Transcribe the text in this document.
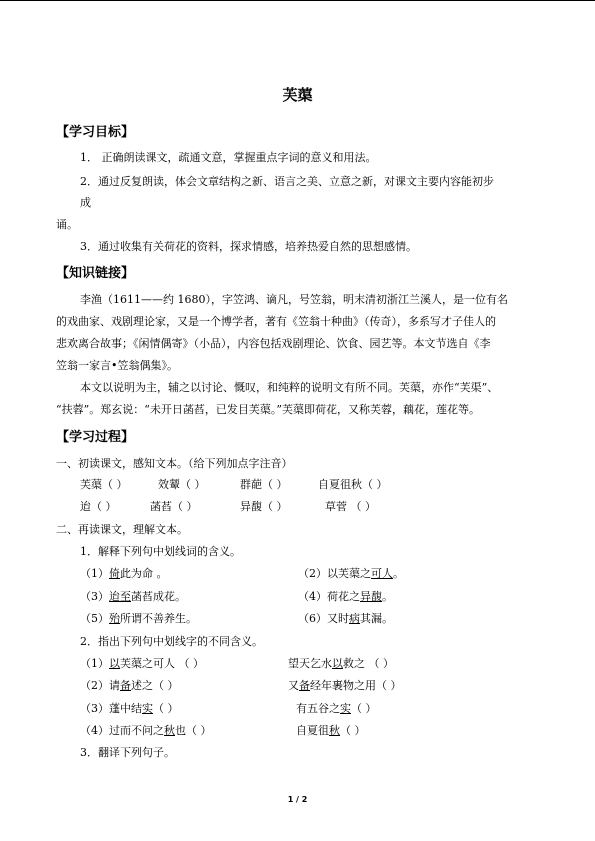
芙蕖
【学习目标】
1． 正确朗读课文，疏通文意，掌握重点字词的意义和用法。
2．通过反复朗读，体会文章结构之新、语言之美、立意之新，对课文主要内容能初步
成
诵。
3．通过收集有关荷花的资料，探求情感，培养热爱自然的思想感情。
【知识链接】
李渔（1611——约 1680），字笠鸿、谪凡，号笠翁，明末清初浙江兰溪人，是一位有名
的戏曲家、戏剧理论家，又是一个博学者，著有《笠翁十种曲》（传奇），多系写才子佳人的
悲欢离合故事；《闲情偶寄》（小品），内容包括戏剧理论、饮食、园艺等。本文节选自《李
笠翁一家言•笠翁偶集》。
本文以说明为主，辅之以讨论、慨叹，和纯粹的说明文有所不同。芙蕖，亦作“芙渠”、
“扶蓉”。郑玄说：“未开日菡萏，已发目芙蕖。”芙蕖即荷花，又称芙蓉，藕花，莲花等。
【学习过程】
一、初读课文，感知文本。（给下列加点字注音）
芙蕖（ ）	效颦（ ）	群葩（ ）	自夏徂秋（ ）
迨（ ）	菡萏（ ）	异馥（ ）	草菅 （ ）
二、再读课文，理解文本。
1．解释下列句中划线词的含义。
（1）倚此为命 。	（2）以芙蕖之可人。
（3）迨至菡萏成花。	（4）荷花之异馥。
（5）殆所谓不善养生。	（6）又时病其漏。
2．指出下列句中划线字的不同含义。
（1）以芙蕖之可人 （ ）	望天乞水以救之 （ ）
（2）请备述之（ ）	又备经年裹物之用（ ）
（3）蓬中结实（ ）	有五谷之实（ ）
（4）过而不问之秋也（ ）	自夏徂秋（ ）
3．翻译下列句子。
1 / 2
